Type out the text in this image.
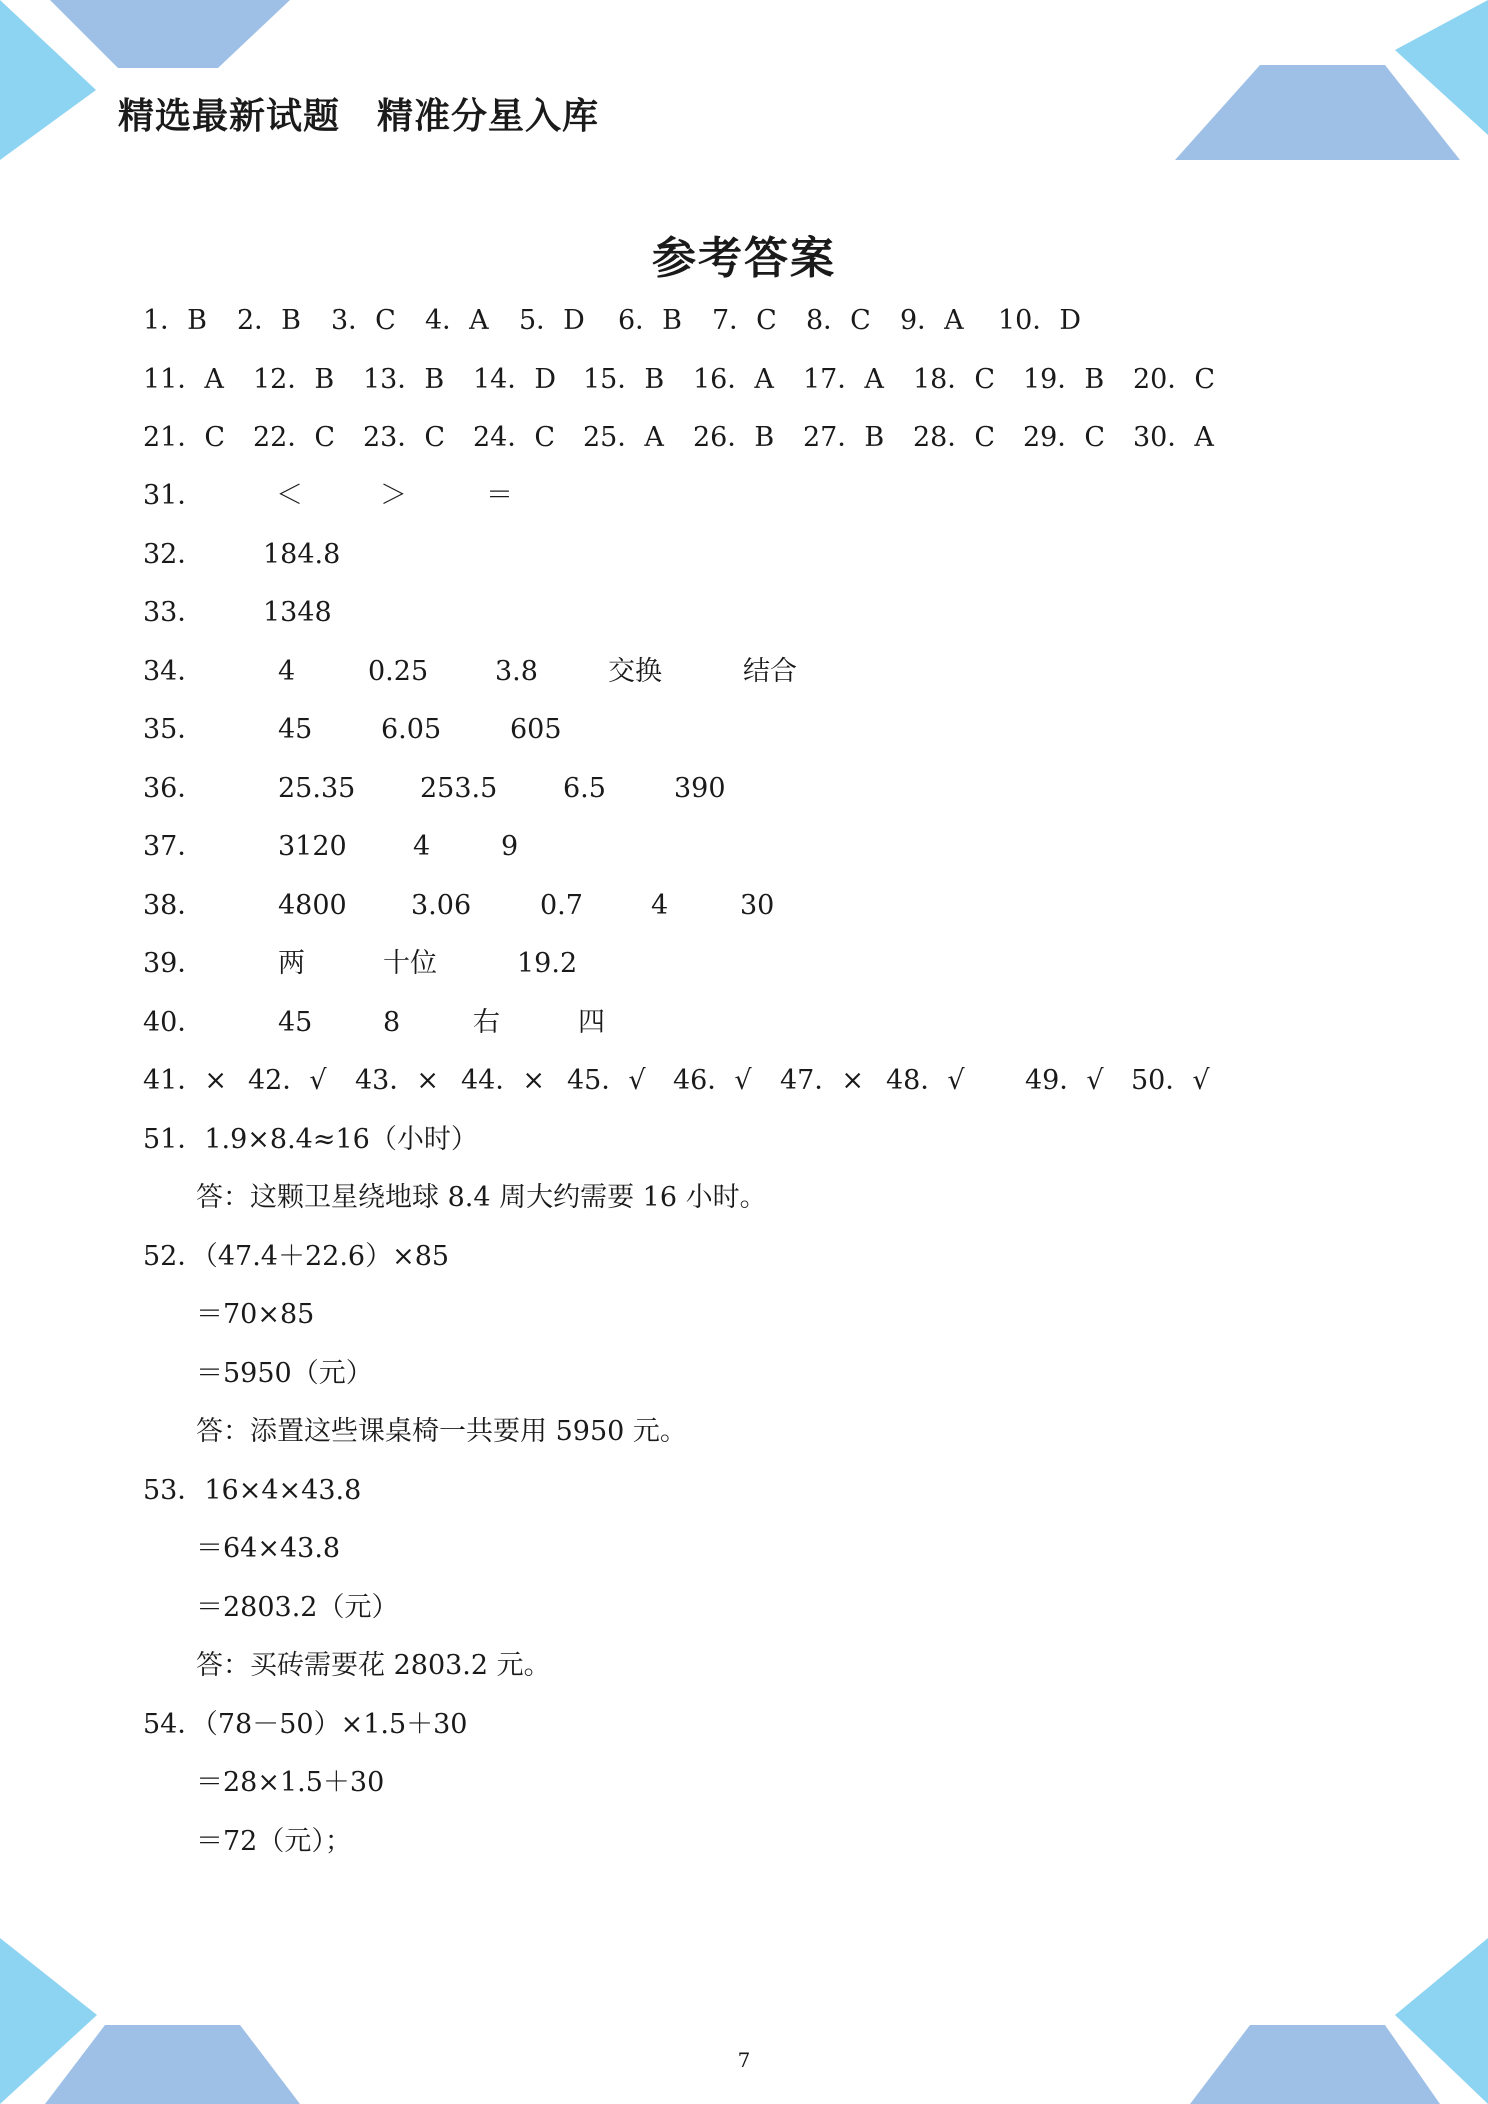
精选最新试题　精准分星入库
参考答案
1．B 2．B 3．C 4．A 5．D 6．B 7．C 8．C 9．A 10．D
11．A 12．B 13．B 14．D 15．B 16．A 17．A 18．C 19．B 20．C
21．C 22．C 23．C 24．C 25．A 26．B 27．B 28．C 29．C 30．A
31．	＜	＞	＝
32． 184.8
33． 1348
34．	4	0.25 3.8	交换	结合
35．	45	6.05	605
36．	25.35 253.5 6.5	390
37．	3120 4	9
38．	4800 3.06	0.7	4	30
39．	两	十位	19.2
40．	45	8	右	四
41．× 42．√ 43．× 44．× 45．√ 46．√ 47．× 48．√ 49．√ 50．√
51．1.9×8.4≈16（小时）
答：这颗卫星绕地球 8.4 周大约需要 16 小时。
52．（47.4＋22.6）×85
＝70×85
＝5950（元）
答：添置这些课桌椅一共要用 5950 元。
53．16×4×43.8
＝64×43.8
＝2803.2（元）
答：买砖需要花 2803.2 元。
54．（78－50）×1.5＋30
＝28×1.5＋30
＝72（元）；
7
